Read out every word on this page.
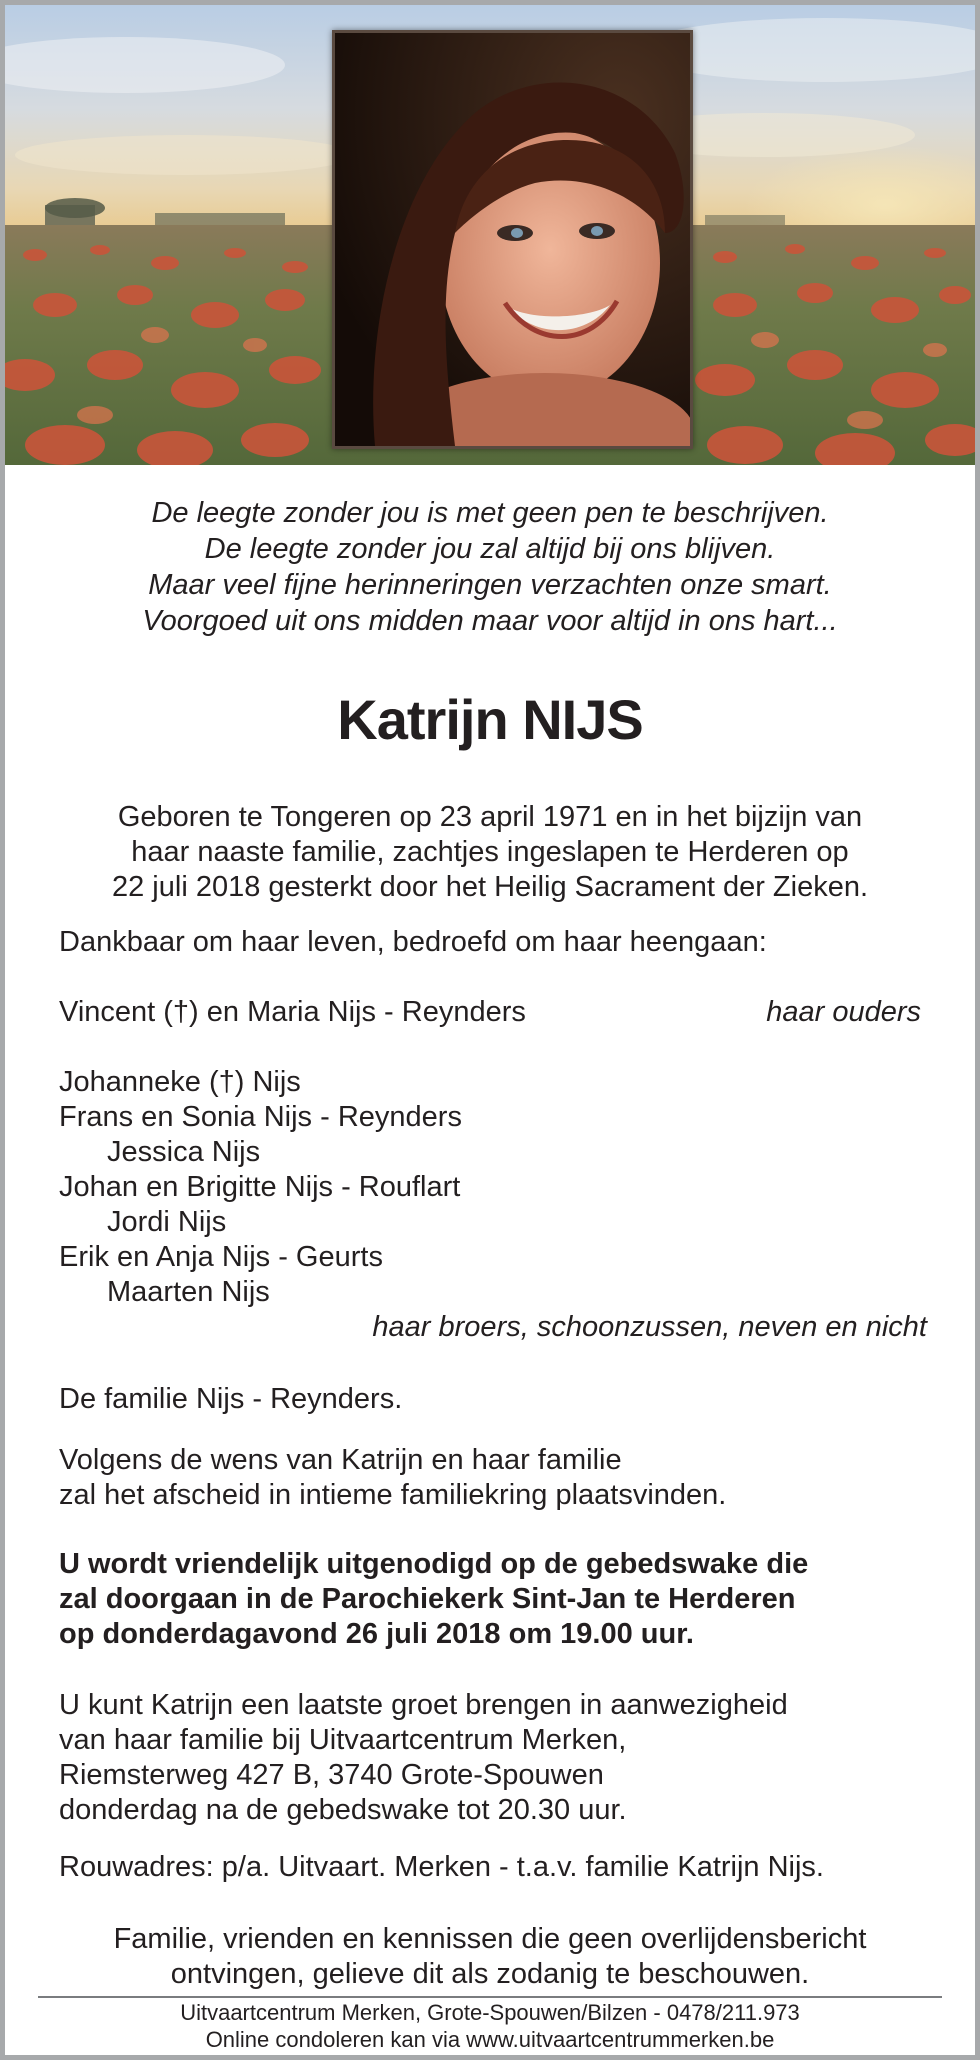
De leegte zonder jou is met geen pen te beschrijven.
De leegte zonder jou zal altijd bij ons blijven.
Maar veel fijne herinneringen verzachten onze smart.
Voorgoed uit ons midden maar voor altijd in ons hart...
Katrijn NIJS
Geboren te Tongeren op 23 april 1971 en in het bijzijn van
haar naaste familie, zachtjes ingeslapen te Herderen op
22 juli 2018 gesterkt door het Heilig Sacrament der Zieken.
Dankbaar om haar leven, bedroefd om haar heengaan:
Vincent (†) en Maria Nijs - Reynders	haar ouders
Johanneke (†) Nijs
Frans en Sonia Nijs - Reynders
Jessica Nijs
Johan en Brigitte Nijs - Rouflart
Jordi Nijs
Erik en Anja Nijs - Geurts
Maarten Nijs
haar broers, schoonzussen, neven en nicht
De familie Nijs - Reynders.
Volgens de wens van Katrijn en haar familie
zal het afscheid in intieme familiekring plaatsvinden.
U wordt vriendelijk uitgenodigd op de gebedswake die
zal doorgaan in de Parochiekerk Sint-Jan te Herderen
op donderdagavond 26 juli 2018 om 19.00 uur.
U kunt Katrijn een laatste groet brengen in aanwezigheid
van haar familie bij Uitvaartcentrum Merken,
Riemsterweg 427 B, 3740 Grote-Spouwen
donderdag na de gebedswake tot 20.30 uur.
Rouwadres: p/a. Uitvaart. Merken - t.a.v. familie Katrijn Nijs.
Familie, vrienden en kennissen die geen overlijdensbericht
ontvingen, gelieve dit als zodanig te beschouwen.
Uitvaartcentrum Merken, Grote-Spouwen/Bilzen - 0478/211.973
Online condoleren kan via www.uitvaartcentrummerken.be
